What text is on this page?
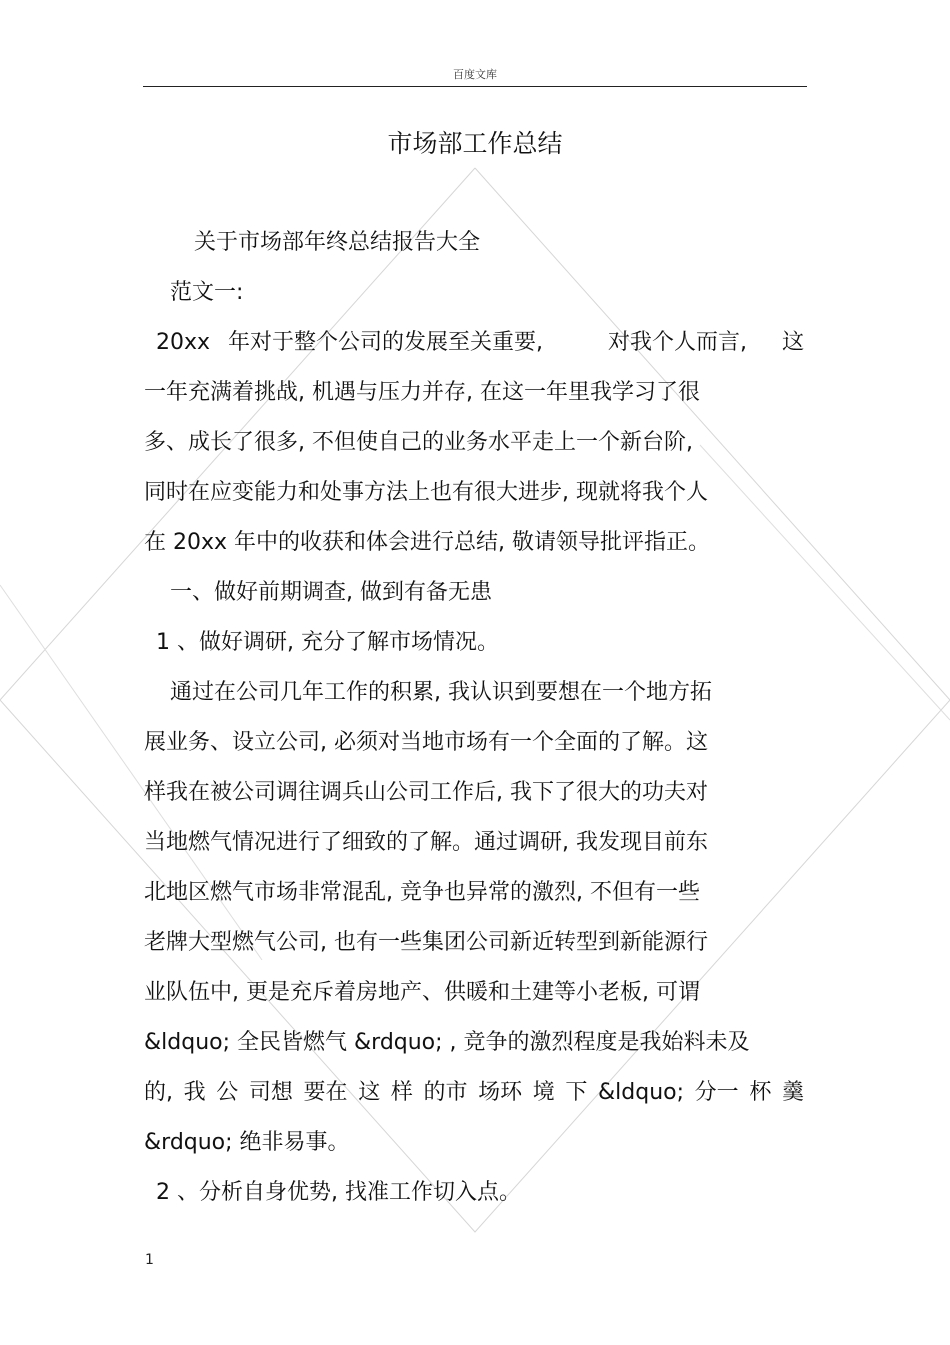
百度文库
市场部工作总结
关于市场部年终总结报告大全
范文一:
20xx 年对于整个公司的发展至关重要,	对我个人而言, 这
一年充满着挑战, 机遇与压力并存, 在这一年里我学习了很
多、成长了很多, 不但使自己的业务水平走上一个新台阶,
同时在应变能力和处事方法上也有很大进步, 现就将我个人
在 20xx 年中的收获和体会进行总结, 敬请领导批评指正。
一、做好前期调查, 做到有备无患
1 、做好调研, 充分了解市场情况。
通过在公司几年工作的积累, 我认识到要想在一个地方拓
展业务、设立公司, 必须对当地市场有一个全面的了解。这
样我在被公司调往调兵山公司工作后, 我下了很大的功夫对
当地燃气情况进行了细致的了解。通过调研, 我发现目前东
北地区燃气市场非常混乱, 竞争也异常的激烈, 不但有一些
老牌大型燃气公司, 也有一些集团公司新近转型到新能源行
业队伍中, 更是充斥着房地产、供暖和土建等小老板, 可谓
&ldquo; 全民皆燃气 &rdquo; , 竞争的激烈程度是我始料未及
的, 我 公 司想 要在 这 样 的市 场环 境 下 &ldquo; 分一 杯 羹
&rdquo; 绝非易事。
2 、分析自身优势, 找准工作切入点。
1
